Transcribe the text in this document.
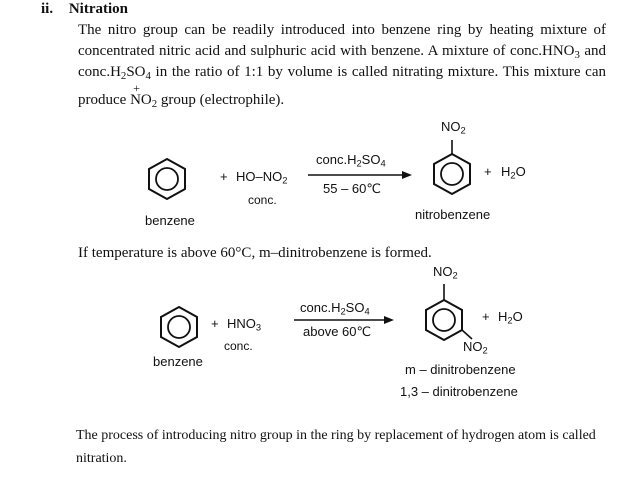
ii. Nitration
The nitro group can be readily introduced into benzene ring by heating mixture of
concentrated nitric acid and sulphuric acid with benzene. A mixture of $conc.HNO_3$ and
$conc.H_2SO_4$ in the ratio of 1:1 by volume is called nitrating mixture. This mixture can
produce
+
$NO_2$ group (electrophile).
benzene
+ $HO-NO_2$
conc.
$conc.H_2SO_4$
55 – 60℃
$NO_2$
nitrobenzene
+ $H_2O$
If temperature is above 60°C, m–dinitrobenzene is formed.
benzene
+ $HNO_3$
conc.
$conc.H_2SO_4$
above 60℃
$NO_2$
$NO_2$
m – dinitrobenzene
1,3 – dinitrobenzene
+ $H_2O$
The process of introducing nitro group in the ring by replacement of hydrogen atom is called
nitration.
